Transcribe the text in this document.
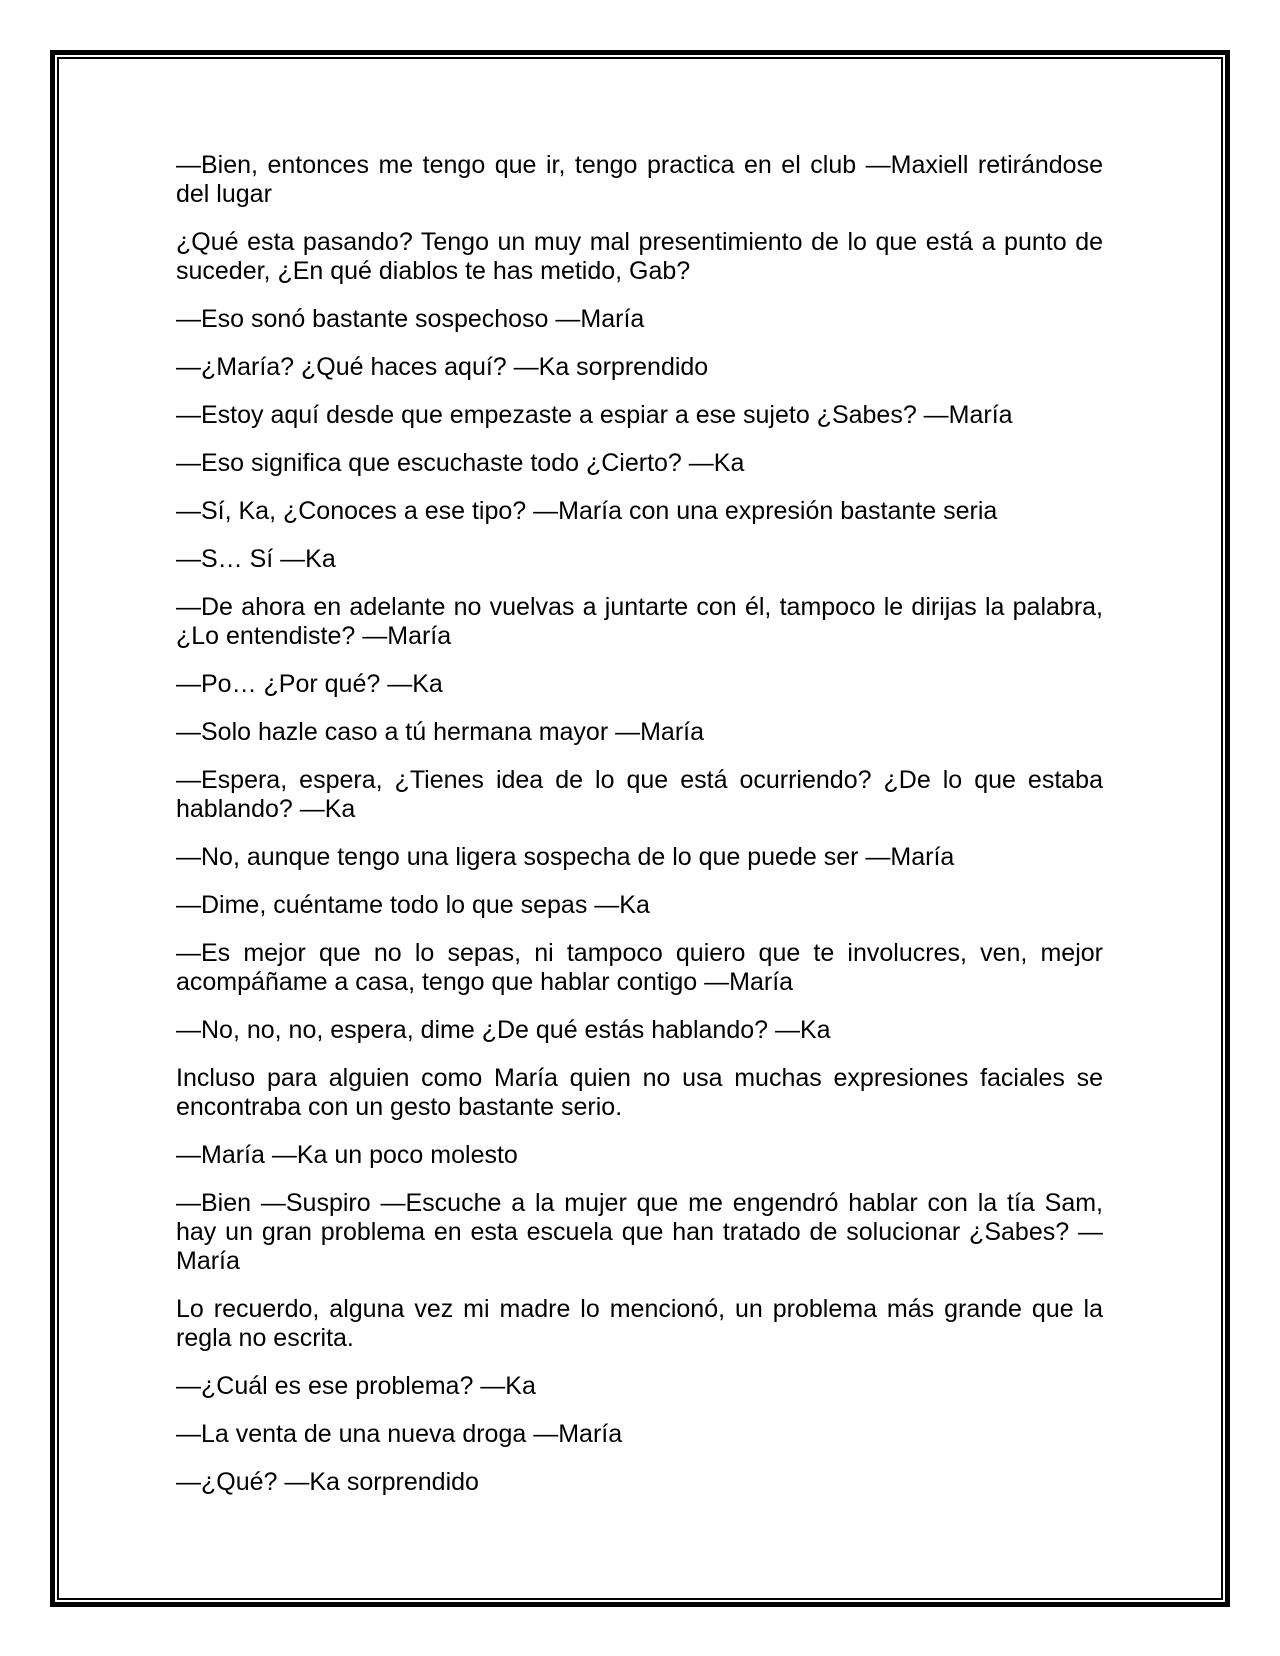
—Bien, entonces me tengo que ir, tengo practica en el club —Maxiell retirándose del lugar

¿Qué esta pasando? Tengo un muy mal presentimiento de lo que está a punto de suceder, ¿En qué diablos te has metido, Gab?

—Eso sonó bastante sospechoso —María

—¿María? ¿Qué haces aquí? —Ka sorprendido

—Estoy aquí desde que empezaste a espiar a ese sujeto ¿Sabes? —María

—Eso significa que escuchaste todo ¿Cierto? —Ka

—Sí, Ka, ¿Conoces a ese tipo? —María con una expresión bastante seria

—S… Sí —Ka

—De ahora en adelante no vuelvas a juntarte con él, tampoco le dirijas la palabra, ¿Lo entendiste? —María

—Po… ¿Por qué? —Ka

—Solo hazle caso a tú hermana mayor —María

—Espera, espera, ¿Tienes idea de lo que está ocurriendo? ¿De lo que estaba hablando? —Ka

—No, aunque tengo una ligera sospecha de lo que puede ser —María

—Dime, cuéntame todo lo que sepas —Ka

—Es mejor que no lo sepas, ni tampoco quiero que te involucres, ven, mejor acompáñame a casa, tengo que hablar contigo —María

—No, no, no, espera, dime ¿De qué estás hablando? —Ka

Incluso para alguien como María quien no usa muchas expresiones faciales se encontraba con un gesto bastante serio.

—María —Ka un poco molesto

—Bien —Suspiro —Escuche a la mujer que me engendró hablar con la tía Sam, hay un gran problema en esta escuela que han tratado de solucionar ¿Sabes? —María

Lo recuerdo, alguna vez mi madre lo mencionó, un problema más grande que la regla no escrita.

—¿Cuál es ese problema? —Ka

—La venta de una nueva droga —María

—¿Qué? —Ka sorprendido
